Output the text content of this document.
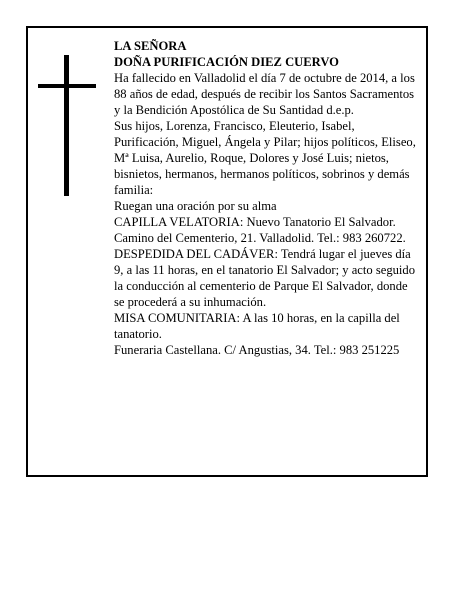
LA SEÑORA

DOÑA PURIFICACIÓN DIEZ CUERVO

Ha fallecido en Valladolid el día 7 de octubre de 2014, a los 88 años de edad, después de recibir los Santos Sacramentos y la Bendición Apostólica de Su Santidad d.e.p.

Sus hijos, Lorenza, Francisco, Eleuterio, Isabel, Purificación, Miguel, Ángela y Pilar; hijos políticos, Eliseo, Mª Luisa, Aurelio, Roque, Dolores y José Luis; nietos, bisnietos, hermanos, hermanos políticos, sobrinos y demás familia:

Ruegan una oración por su alma

CAPILLA VELATORIA: Nuevo Tanatorio El Salvador. Camino del Cementerio, 21. Valladolid. Tel.: 983 260722.

DESPEDIDA DEL CADÁVER: Tendrá lugar el jueves día 9, a las 11 horas, en el tanatorio El Salvador; y acto seguido la conducción al cementerio de Parque El Salvador, donde se procederá a su inhumación.

MISA COMUNITARIA: A las 10 horas, en la capilla del tanatorio.

Funeraria Castellana. C/ Angustias, 34. Tel.: 983 251225
